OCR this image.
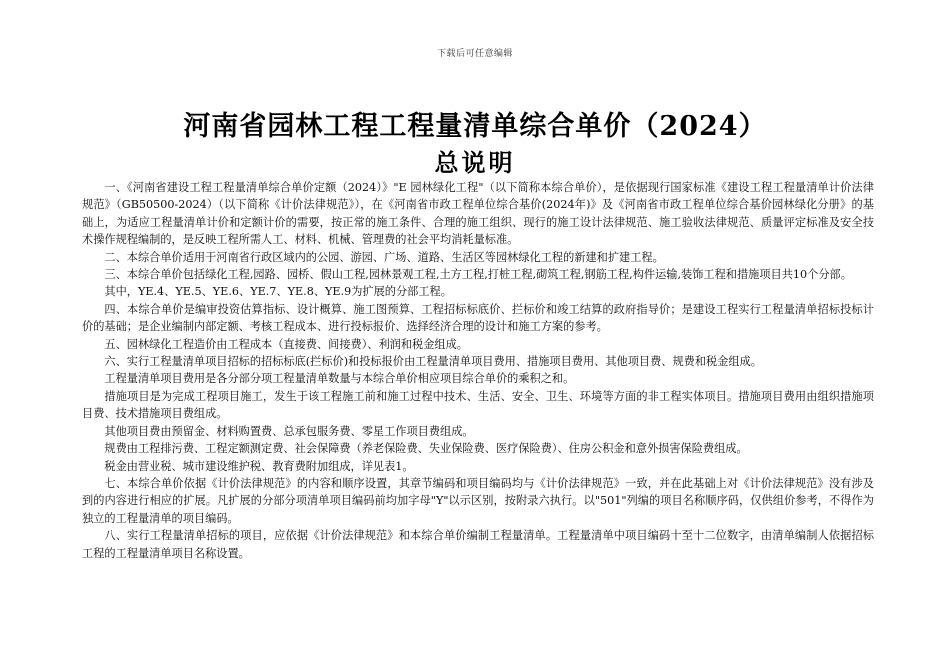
下载后可任意编辑
河南省园林工程工程量清单综合单价（2024）
总说明

一、《河南省建设工程工程量清单综合单价定额（2024）》"E 园林绿化工程"（以下简称本综合单价），是依据现行国家标准《建设工程工程量清单计价法律规范》（GB50500-2024）（以下简称《计价法律规范》），在《河南省市政工程单位综合基价(2024年)》及《河南省市政工程单位综合基价园林绿化分册》的基础上，为适应工程量清单计价和定额计价的需要，按正常的施工条件、合理的施工组织、现行的施工设计法律规范、施工验收法律规范、质量评定标准及安全技术操作规程编制的，是反映工程所需人工、材料、机械、管理费的社会平均消耗量标准。

二、本综合单价适用于河南省行政区域内的公园、游园、广场、道路、生活区等园林绿化工程的新建和扩建工程。

三、本综合单价包括绿化工程,园路、园桥、假山工程,园林景观工程,土方工程,打桩工程,砌筑工程,钢筋工程,构件运输,装饰工程和措施项目共10个分部。

其中，YE.4、YE.5、YE.6、YE.7、YE.8、YE.9为扩展的分部工程。

四、本综合单价是编审投资估算指标、设计概算、施工图预算、工程招标标底价、拦标价和竣工结算的政府指导价；是建设工程实行工程量清单招标投标计价的基础；是企业编制内部定额、考核工程成本、进行投标报价、选择经济合理的设计和施工方案的参考。

五、园林绿化工程造价由工程成本（直接费、间接费）、利润和税金组成。

六、实行工程量清单项目招标的招标标底(拦标价)和投标报价由工程量清单项目费用、措施项目费用、其他项目费、规费和税金组成。

工程量清单项目费用是各分部分项工程量清单数量与本综合单价相应项目综合单价的乘积之和。

措施项目是为完成工程项目施工，发生于该工程施工前和施工过程中技术、生活、安全、卫生、环境等方面的非工程实体项目。措施项目费用由组织措施项目费、技术措施项目费组成。

其他项目费由预留金、材料购置费、总承包服务费、零星工作项目费组成。

规费由工程排污费、工程定额测定费、社会保障费（养老保险费、失业保险费、医疗保险费）、住房公积金和意外损害保险费组成。

税金由营业税、城市建设维护税、教育费附加组成，详见表1。

七、本综合单价依据《计价法律规范》的内容和顺序设置，其章节编码和项目编码均与《计价法律规范》一致，并在此基础上对《计价法律规范》没有涉及到的内容进行相应的扩展。凡扩展的分部分项清单项目编码前均加字母"Y"以示区别，按附录六执行。以"501"列编的项目名称顺序码，仅供组价参考，不得作为独立的工程量清单的项目编码。

八、实行工程量清单招标的项目，应依据《计价法律规范》和本综合单价编制工程量清单。工程量清单中项目编码十至十二位数字，由清单编制人依据招标工程的工程量清单项目名称设置。
